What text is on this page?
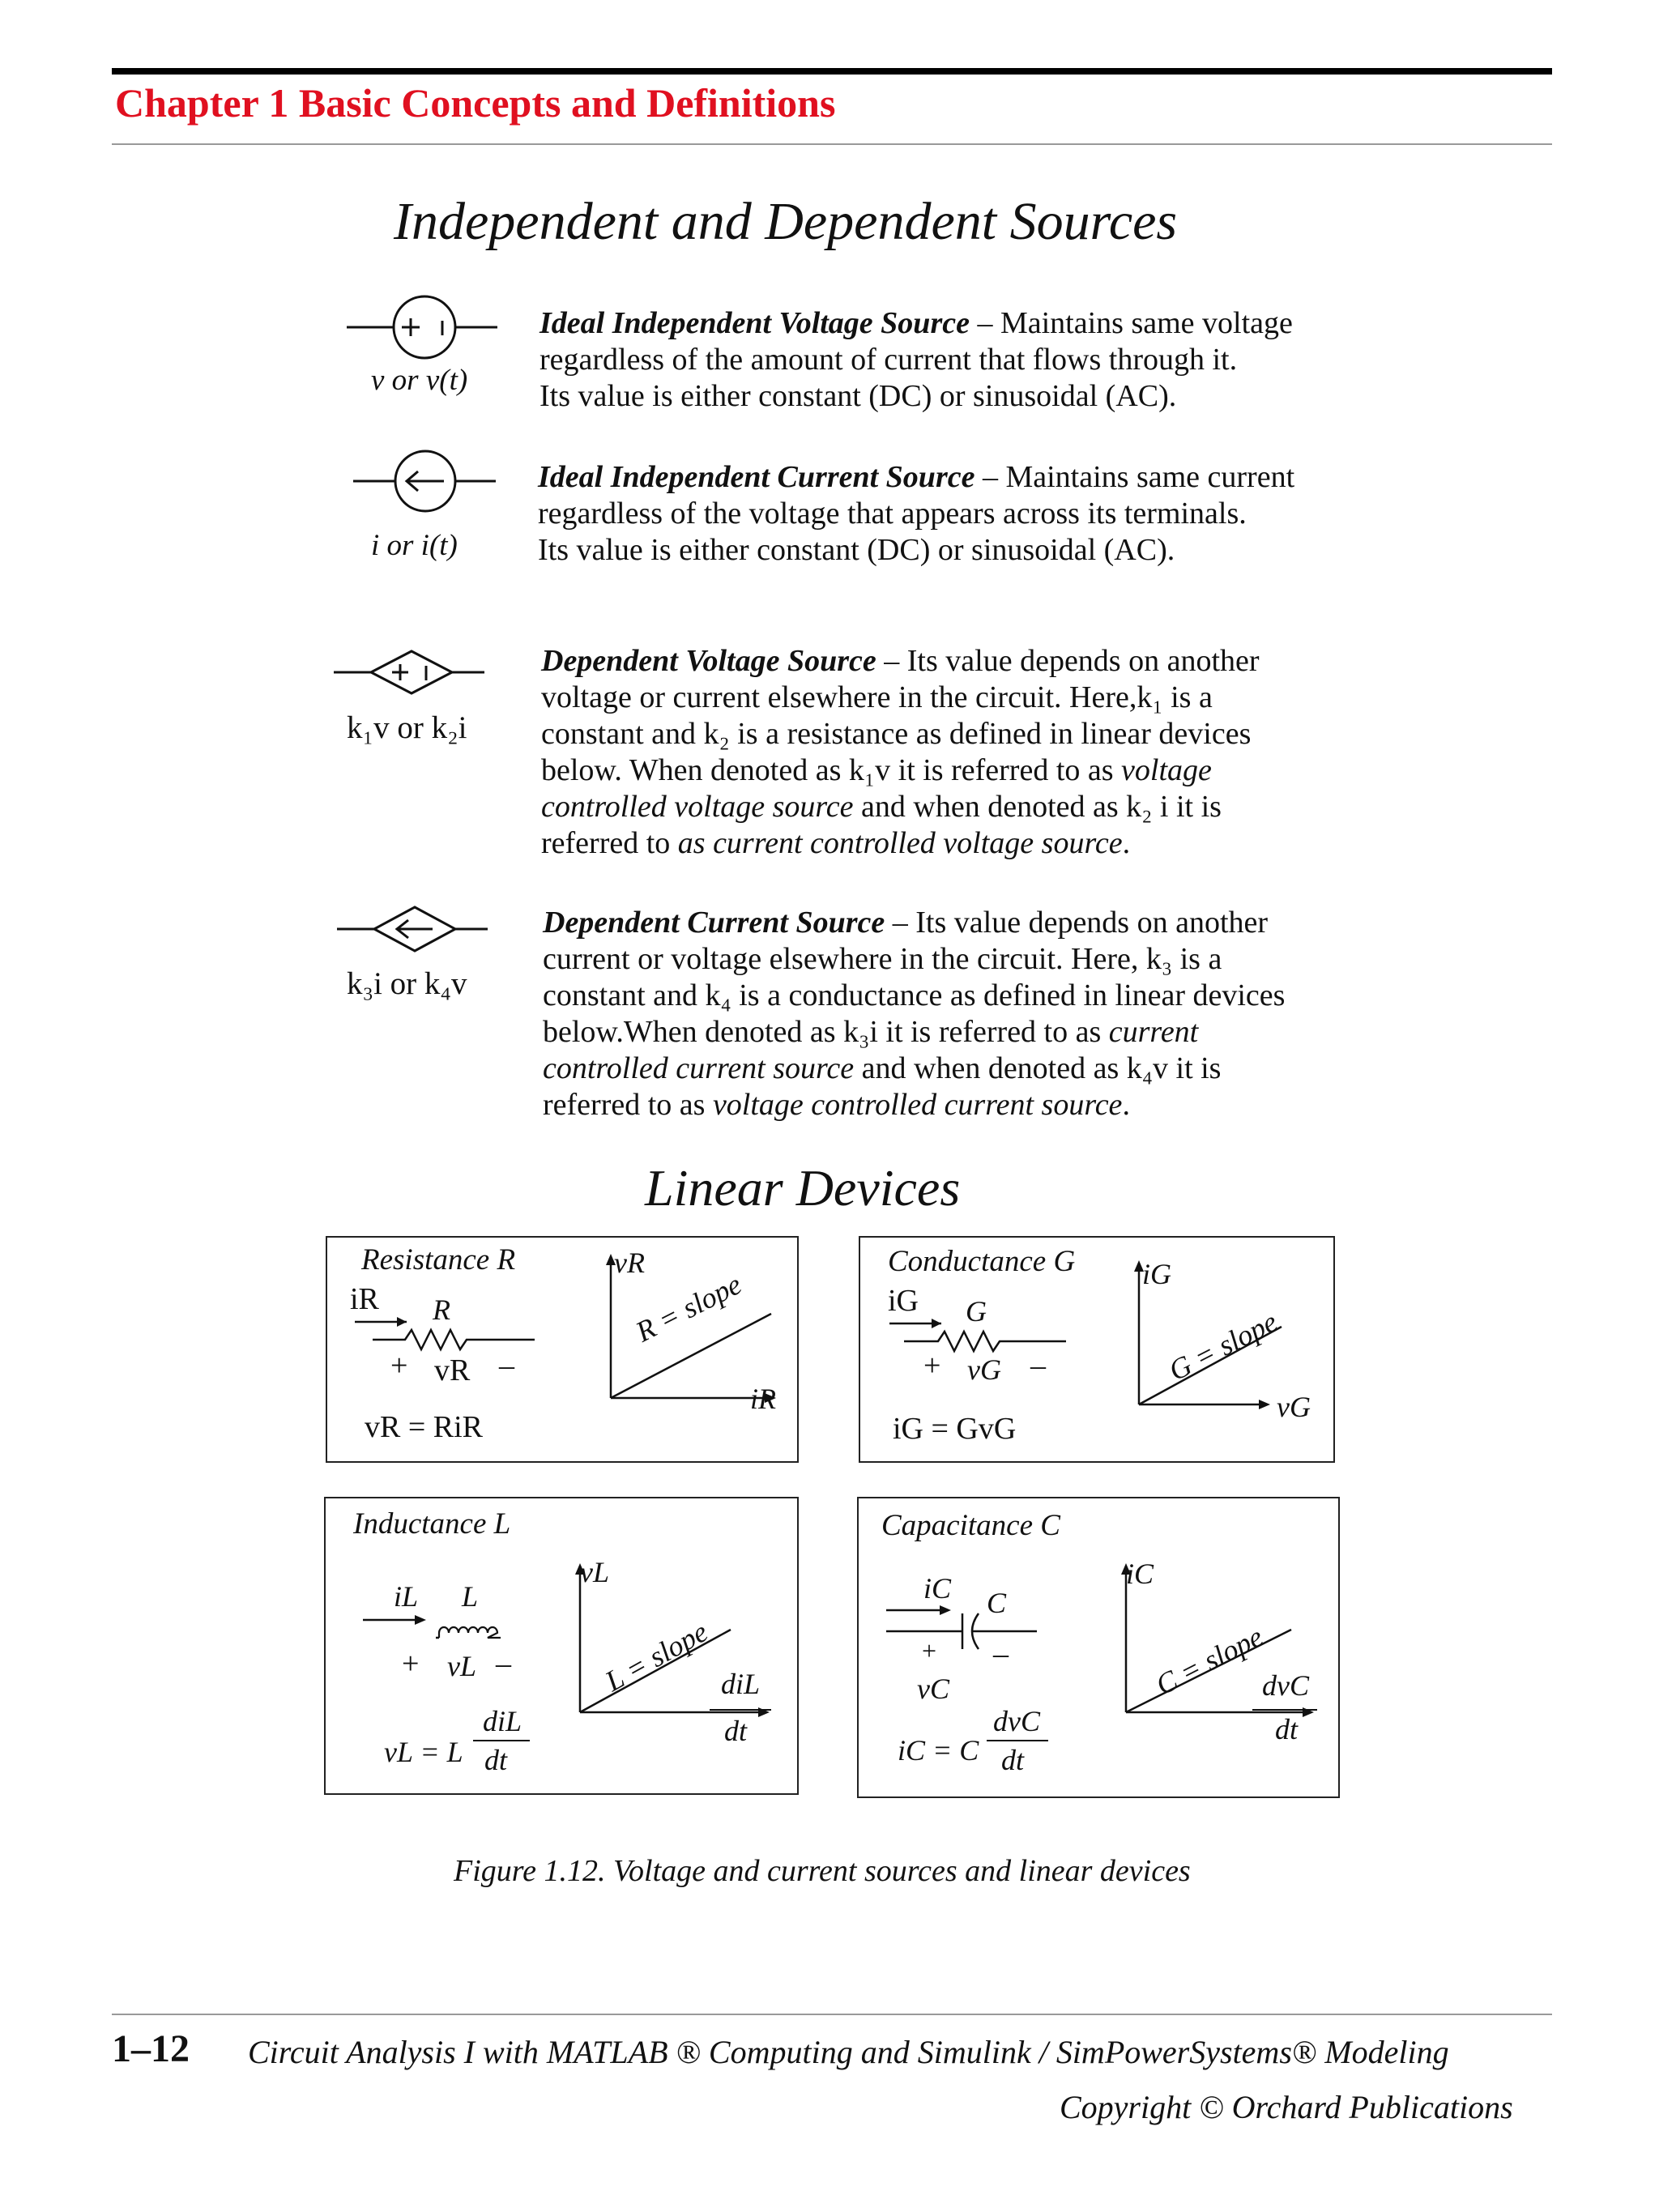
Chapter 1 Basic Concepts and Definitions
Independent and Dependent Sources
v or v(t)
Ideal Independent Voltage Source – Maintains same voltage
regardless of the amount of current that flows through it.
Its value is either constant (DC) or sinusoidal (AC).
i or i(t)
Ideal Independent Current Source – Maintains same current
regardless of the voltage that appears across its terminals.
Its value is either constant (DC) or sinusoidal (AC).
k₁v or k₂i
Dependent Voltage Source – Its value depends on another
voltage or current elsewhere in the circuit. Here,k₁ is a
constant and k₂ is a resistance as defined in linear devices
below. When denoted as k₁v it is referred to as voltage
controlled voltage source and when denoted as k₂ i it is
referred to as current controlled voltage source.
k₃i or k₄v
Dependent Current Source – Its value depends on another
current or voltage elsewhere in the circuit. Here, k₃ is a
constant and k₄ is a conductance as defined in linear devices
below.When denoted as k₃i it is referred to as current
controlled current source and when denoted as k₄v it is
referred to as voltage controlled current source.
Linear Devices
Resistance R
iR R
+ vR –
vR = RiR
vR
iR
R = slope
Conductance G
iG G
+ vG –
iG = GvG
iG
vG
G = slope
Inductance L
iL L
+ vL –
vL = L
diL
dt
vL
L = slope diL
dt
Capacitance C
iC C
+ –
vC
iC = C
dvC
dt
iC
C = slope
dvC
dt
Figure 1.12. Voltage and current sources and linear devices
1–12 Circuit Analysis I with MATLAB ® Computing and Simulink / SimPowerSystems® Modeling
Copyright © Orchard Publications
